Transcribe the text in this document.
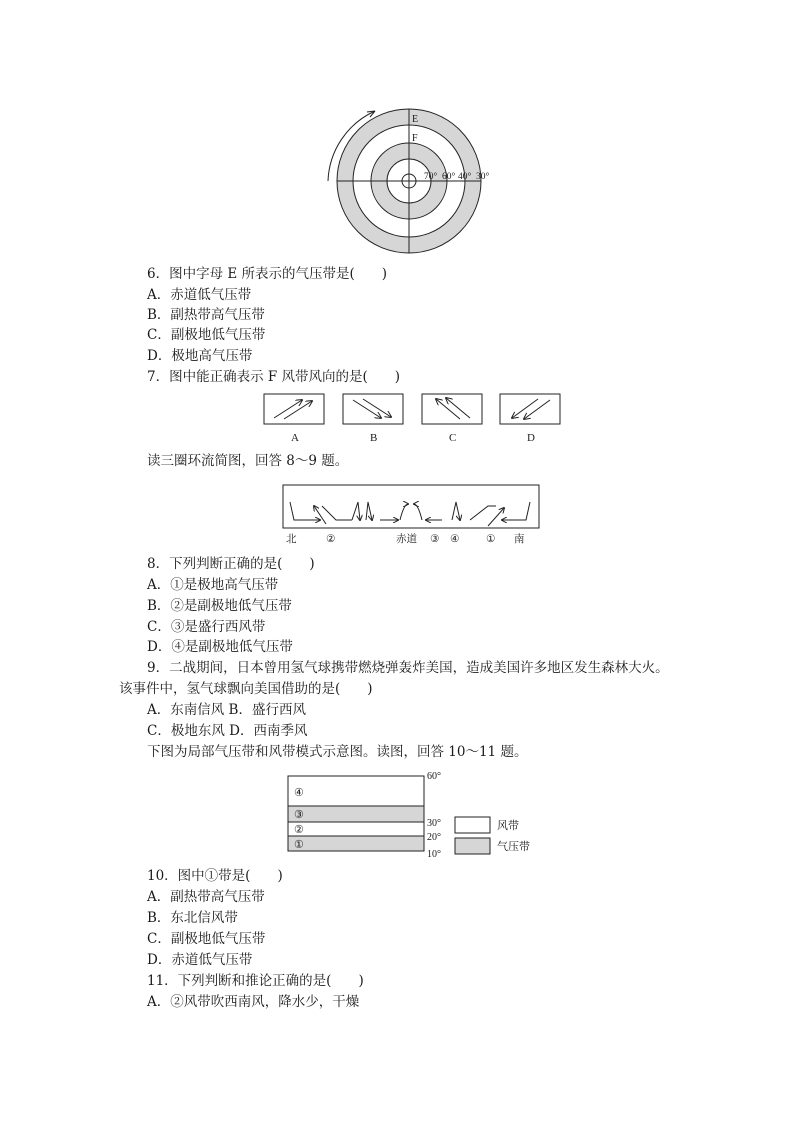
E
F
70° 60° 40° 30°
6．图中字母 E 所表示的气压带是(　　)
A．赤道低气压带
B．副热带高气压带
C．副极地低气压带
D．极地高气压带
7．图中能正确表示 F 风带风向的是(　　)
A	B	C	D
读三圈环流简图，回答 8～9 题。
北	②	赤道 ③ ④	① 南
8．下列判断正确的是(　　)
A．①是极地高气压带
B．②是副极地低气压带
C．③是盛行西风带
D．④是副极地低气压带
9．二战期间，日本曾用氢气球携带燃烧弹轰炸美国，造成美国许多地区发生森林大火。
该事件中，氢气球飘向美国借助的是(　　)
A．东南信风 B．盛行西风
C．极地东风 D．西南季风
下图为局部气压带和风带模式示意图。读图，回答 10～11 题。
④
③
②
①
60°
30°
20°
10°
风带
气压带
10．图中①带是(　　)
A．副热带高气压带
B．东北信风带
C．副极地低气压带
D．赤道低气压带
11．下列判断和推论正确的是(　　)
A．②风带吹西南风，降水少，干燥
